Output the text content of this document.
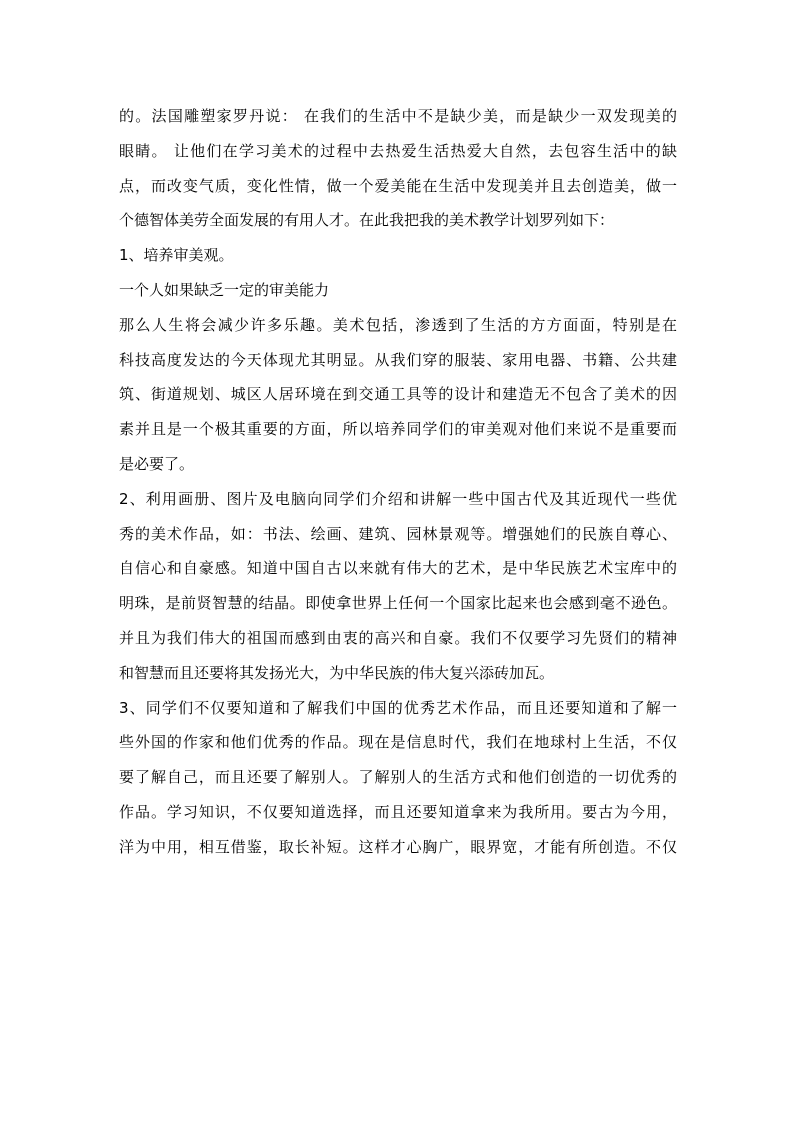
的。法国雕塑家罗丹说： 在我们的生活中不是缺少美，而是缺少一双发现美的
眼睛。 让他们在学习美术的过程中去热爱生活热爱大自然，去包容生活中的缺
点，而改变气质，变化性情，做一个爱美能在生活中发现美并且去创造美，做一
个德智体美劳全面发展的有用人才。在此我把我的美术教学计划罗列如下：
1、培养审美观。
一个人如果缺乏一定的审美能力
那么人生将会减少许多乐趣。美术包括，渗透到了生活的方方面面，特别是在
科技高度发达的今天体现尤其明显。从我们穿的服装、家用电器、书籍、公共建
筑、街道规划、城区人居环境在到交通工具等的设计和建造无不包含了美术的因
素并且是一个极其重要的方面，所以培养同学们的审美观对他们来说不是重要而
是必要了。
2、利用画册、图片及电脑向同学们介绍和讲解一些中国古代及其近现代一些优
秀的美术作品，如：书法、绘画、建筑、园林景观等。增强她们的民族自尊心、
自信心和自豪感。知道中国自古以来就有伟大的艺术，是中华民族艺术宝库中的
明珠，是前贤智慧的结晶。即使拿世界上任何一个国家比起来也会感到毫不逊色。
并且为我们伟大的祖国而感到由衷的高兴和自豪。我们不仅要学习先贤们的精神
和智慧而且还要将其发扬光大，为中华民族的伟大复兴添砖加瓦。
3、同学们不仅要知道和了解我们中国的优秀艺术作品，而且还要知道和了解一
些外国的作家和他们优秀的作品。现在是信息时代，我们在地球村上生活，不仅
要了解自己，而且还要了解别人。了解别人的生活方式和他们创造的一切优秀的
作品。学习知识，不仅要知道选择，而且还要知道拿来为我所用。要古为今用，
洋为中用，相互借鉴，取长补短。这样才心胸广，眼界宽，才能有所创造。不仅
